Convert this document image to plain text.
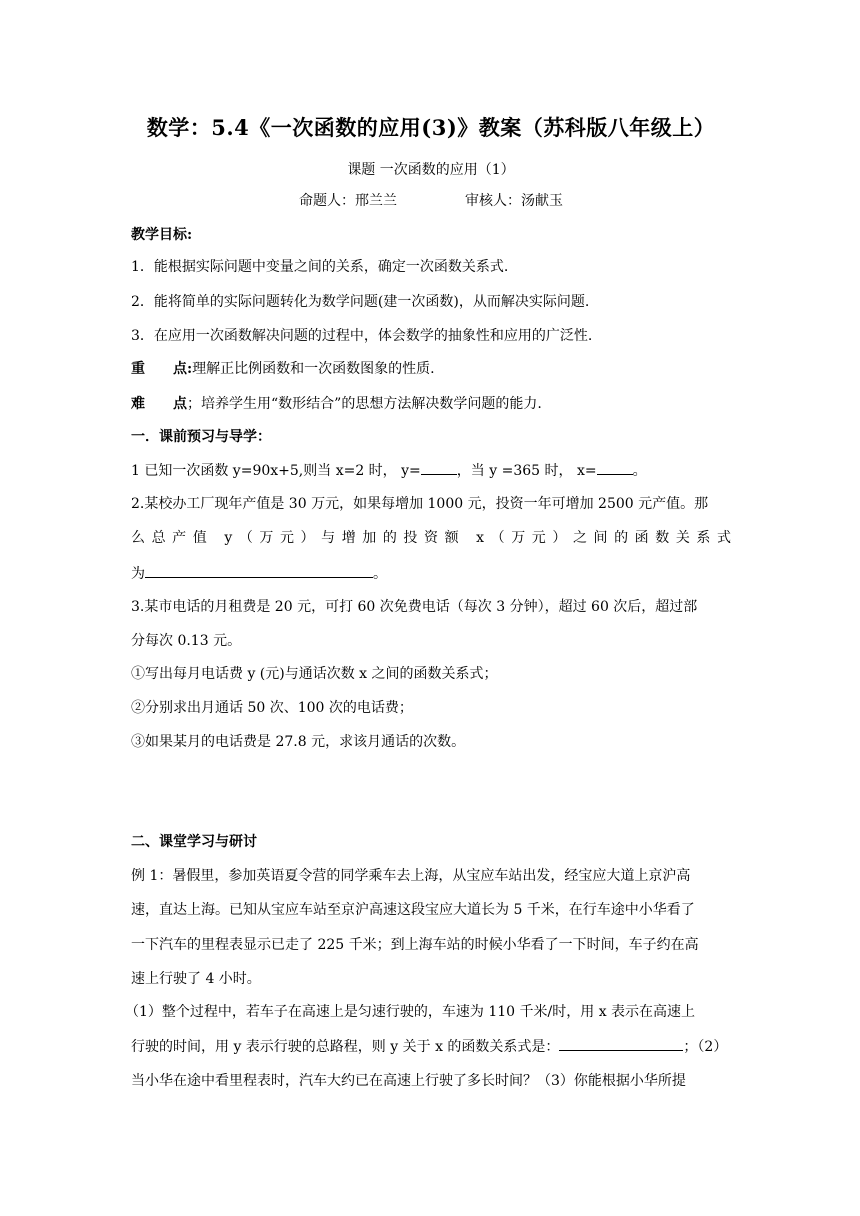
数学：5.4《一次函数的应用(3)》教案（苏科版八年级上）
课题 一次函数的应用（1）
命题人：邢兰兰	审核人：汤献玉
教学目标:
1．能根据实际问题中变量之间的关系，确定一次函数关系式.
2．能将简单的实际问题转化为数学问题(建一次函数)，从而解决实际问题.
3．在应用一次函数解决问题的过程中，体会数学的抽象性和应用的广泛性.
重　　点:理解正比例函数和一次函数图象的性质.
难　　点；培养学生用“数形结合”的思想方法解决数学问题的能力.
一．课前预习与导学：
1 已知一次函数 y=90x+5,则当 x=2 时， y=	，当 y =365 时， x=	。
2.某校办工厂现年产值是 30 万元，如果每增加 1000 元，投资一年可增加 2500 元产值。那
么总产值 y（万元）与增加的投资额 x（万元）之间的函数关系式
为	。
3.某市电话的月租费是 20 元，可打 60 次免费电话（每次 3 分钟），超过 60 次后，超过部
分每次 0.13 元。
①写出每月电话费 y (元)与通话次数 x 之间的函数关系式；
②分别求出月通话 50 次、100 次的电话费；
③如果某月的电话费是 27.8 元，求该月通话的次数。
二、课堂学习与研讨
例 1：暑假里，参加英语夏令营的同学乘车去上海，从宝应车站出发，经宝应大道上京沪高
速，直达上海。已知从宝应车站至京沪高速这段宝应大道长为 5 千米，在行车途中小华看了
一下汽车的里程表显示已走了 225 千米；到上海车站的时候小华看了一下时间，车子约在高
速上行驶了 4 小时。
（1）整个过程中，若车子在高速上是匀速行驶的，车速为 110 千米/时，用 x 表示在高速上
行驶的时间，用 y 表示行驶的总路程，则 y 关于 x 的函数关系式是：	；（2）
当小华在途中看里程表时，汽车大约已在高速上行驶了多长时间？（3）你能根据小华所提
